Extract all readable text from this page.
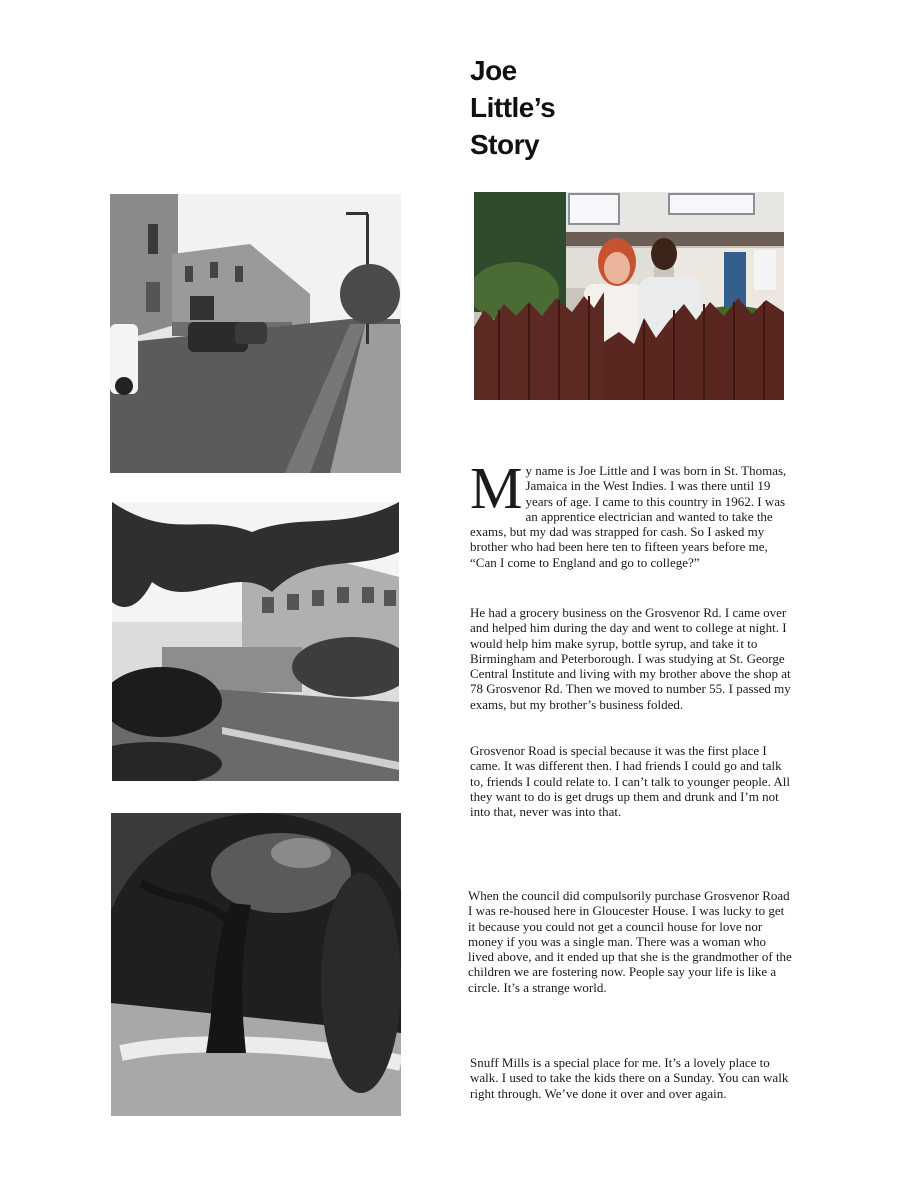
Joe
Little’s
Story

M y name is Joe Little and I was born in St. Thomas, Jamaica in the West Indies. I was there until 19 years of age. I came to this country in 1962. I was an apprentice electrician and wanted to take the exams, but my dad was strapped for cash. So I asked my brother who had been here ten to fifteen years before me, “Can I come to England and go to college?”

He had a grocery business on the Grosvenor Rd. I came over and helped him during the day and went to college at night. I would help him make syrup, bottle syrup, and take it to Birmingham and Peterborough. I was studying at St. George Central Institute and living with my brother above the shop at 78 Grosvenor Rd. Then we moved to number 55. I passed my exams, but my brother’s business folded.

Grosvenor Road is special because it was the first place I came. It was different then. I had friends I could go and talk to, friends I could relate to. I can’t talk to younger people. All they want to do is get drugs up them and drunk and I’m not into that, never was into that.

When the council did compulsorily purchase Grosvenor Road I was re-housed here in Gloucester House. I was lucky to get it because you could not get a council house for love nor money if you was a single man. There was a woman who lived above, and it ended up that she is the grandmother of the children we are fostering now. People say your life is like a circle. It’s a strange world.

Snuff Mills is a special place for me. It’s a lovely place to walk. I used to take the kids there on a Sunday. You can walk right through. We’ve done it over and over again.
